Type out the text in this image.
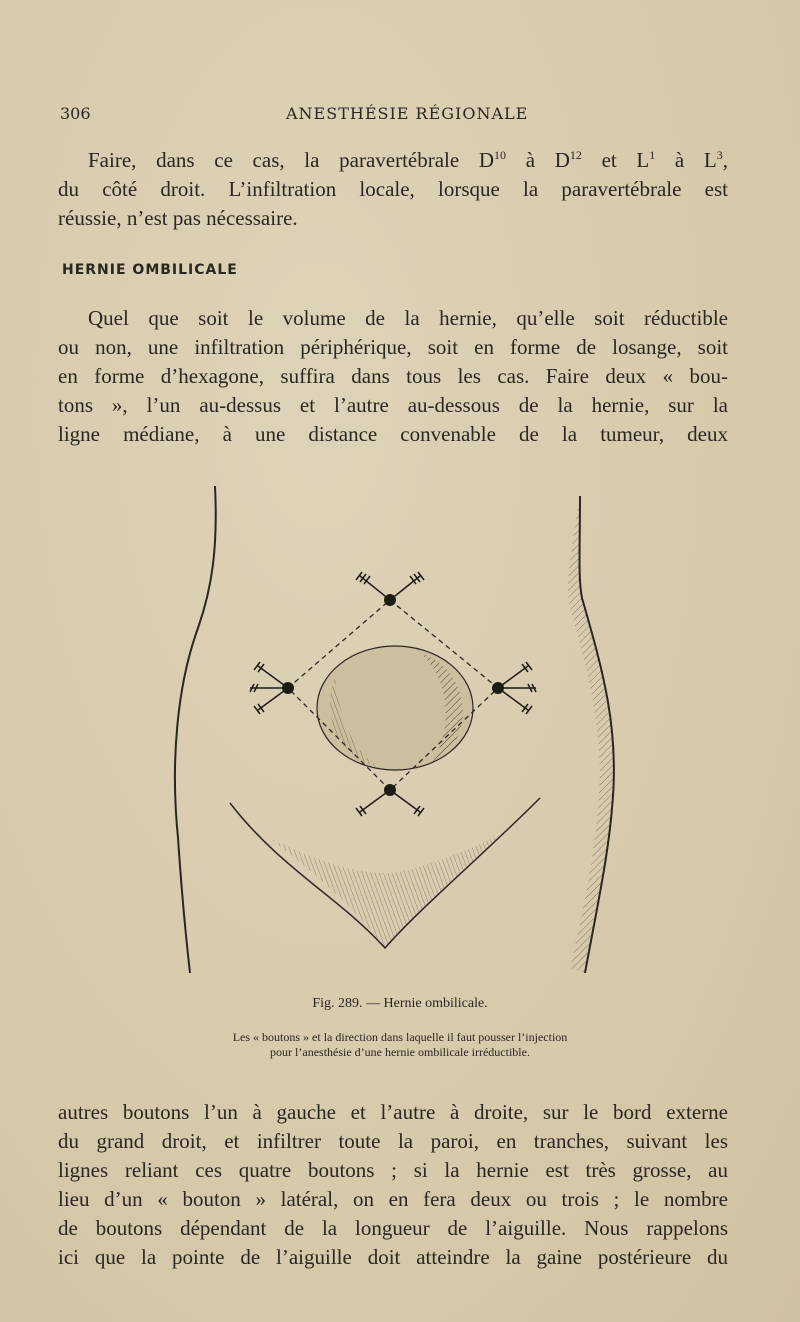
306	ANESTHÉSIE RÉGIONALE
Faire, dans ce cas, la paravertébrale $D^{10}$ à $D^{12}$ et $L^1$ à $L^3$,
du côté droit. L’infiltration locale, lorsque la paravertébrale est
réussie, n’est pas nécessaire.
HERNIE OMBILICALE
Quel que soit le volume de la hernie, qu’elle soit réductible
ou non, une infiltration périphérique, soit en forme de losange, soit
en forme d’hexagone, suffira dans tous les cas. Faire deux « bou-
tons », l’un au-dessus et l’autre au-dessous de la hernie, sur la
ligne médiane, à une distance convenable de la tumeur, deux
Fig. 289. — Hernie ombilicale.
Les « boutons » et la direction dans laquelle il faut pousser l’injection
pour l’anesthésie d’une hernie ombilicale irréductible.
autres boutons l’un à gauche et l’autre à droite, sur le bord externe
du grand droit, et infiltrer toute la paroi, en tranches, suivant les
lignes reliant ces quatre boutons ; si la hernie est très grosse, au
lieu d’un « bouton » latéral, on en fera deux ou trois ; le nombre
de boutons dépendant de la longueur de l’aiguille. Nous rappelons
ici que la pointe de l’aiguille doit atteindre la gaine postérieure du
